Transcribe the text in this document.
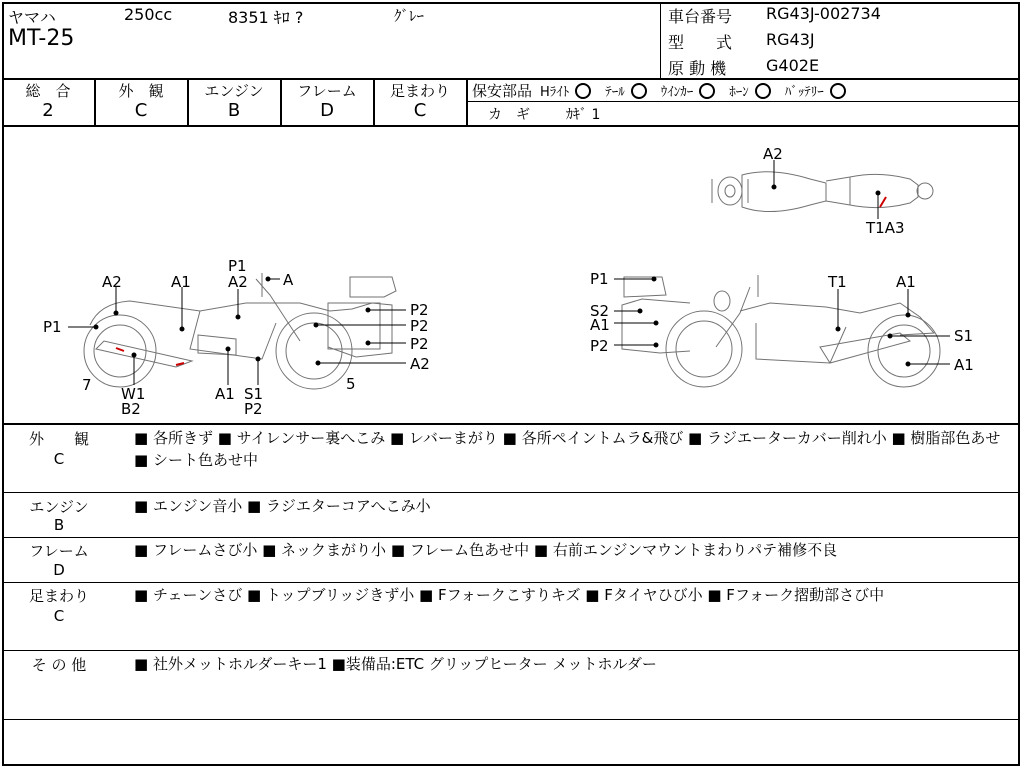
ヤマハ	250cc	8351 ｷﾛ ?	ｸﾞﾚｰ
MT-25
車台番号 RG43J-002734
型　　式 RG43J
原 動 機 G402E
総　合
2
外　観
C
エンジン
B
フレーム
D
足まわり
C
保安部品 Hﾗｲﾄ	ﾃｰﾙ	ｳｲﾝｶｰ	ﾎｰﾝ	ﾊﾞｯﾃﾘｰ
カ　ギ	ｶｷﾞ 1
A2
T1A3
A2	A1
P1
A2 A
P1
P2
P2
P2
A2
7 W1
B2
A1 S1
P2
5
P1
S2
A1
P2
T1	A1
S1
A1
外　　観
C
■ 各所きず ■ サイレンサー裏へこみ ■ レバーまがり ■ 各所ペイントムラ&飛び ■ ラジエーターカバー削れ小 ■ 樹脂部色あせ ■ シート色あせ中
エンジン
B
■ エンジン音小 ■ ラジエターコアへこみ小
フレーム
D
■ フレームさび小 ■ ネックまがり小 ■ フレーム色あせ中 ■ 右前エンジンマウントまわりパテ補修不良
足まわり
C
■ チェーンさび ■ トップブリッジきず小 ■ Fフォークこすりキズ ■ Fタイヤひび小 ■ Fフォーク摺動部さび中
そ の 他	■ 社外メットホルダーキー1 ■装備品:ETC グリップヒーター メットホルダー
